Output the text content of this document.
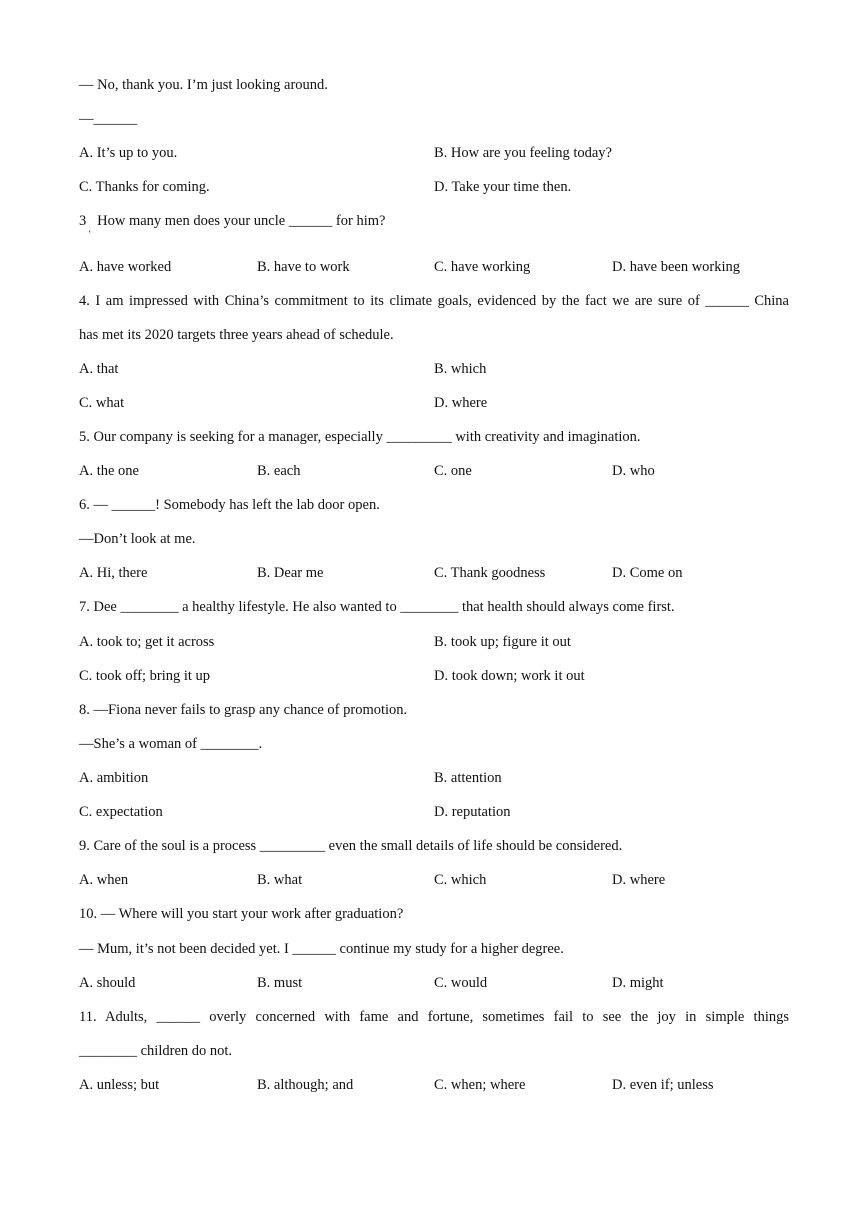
— No, thank you. I’m just looking around.
—______
A. It’s up to you.	B. How are you feeling today?
C. Thanks for coming.	D. Take your time then.
3   How many men does your uncle ______ for him?
‘
A. have worked	B. have to work	C. have working	D. have been working
4. I am impressed with China’s commitment to its climate goals, evidenced by the fact we are sure of ______ China
has met its 2020 targets three years ahead of schedule.
A. that	B. which
C. what	D. where
5. Our company is seeking for a manager, especially _________ with creativity and imagination.
A. the one	B. each	C. one	D. who
6. — ______! Somebody has left the lab door open.
—Don’t look at me.
A. Hi, there	B. Dear me	C. Thank goodness	D. Come on
7. Dee ________ a healthy lifestyle. He also wanted to ________ that health should always come first.
A. took to; get it across	B. took up; figure it out
C. took off; bring it up	D. took down; work it out
8. —Fiona never fails to grasp any chance of promotion.
—She’s a woman of ________.
A. ambition	B. attention
C. expectation	D. reputation
9. Care of the soul is a process _________ even the small details of life should be considered.
A. when	B. what	C. which	D. where
10. — Where will you start your work after graduation?
— Mum, it’s not been decided yet. I ______ continue my study for a higher degree.
A. should	B. must	C. would	D. might
11. Adults, ______ overly concerned with fame and fortune, sometimes fail to see the joy in simple things
________ children do not.
A. unless; but	B. although; and	C. when; where	D. even if; unless
